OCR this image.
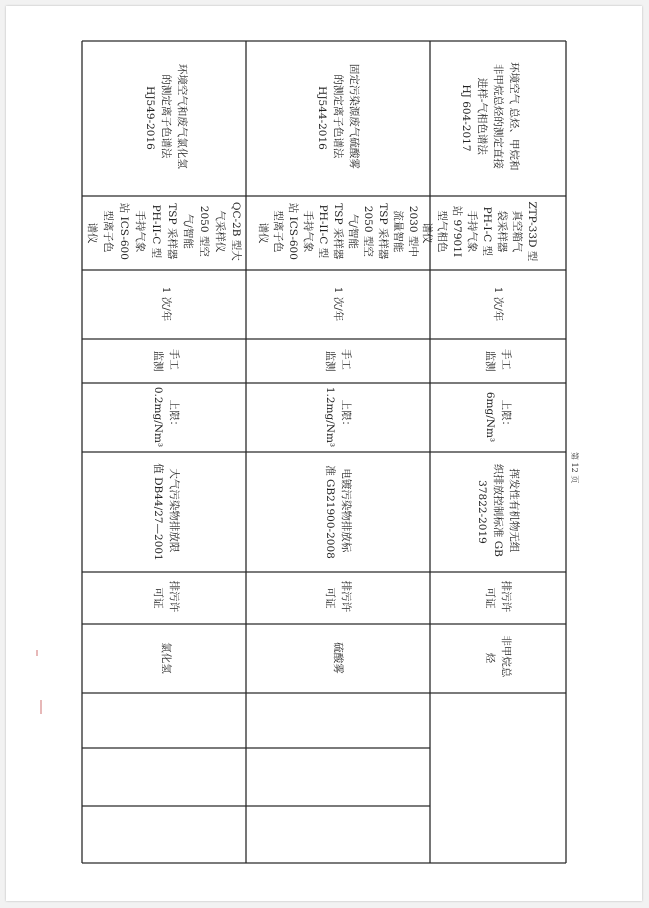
氯化氢
排污许 可证
大气污染物排放限 值 DB44/27—2001
上限： 0.2mg/Nm³
手工 监测
1 次/年
QC-2B 型大 气采样仪 2050 型空 气/智能 TSP 采样器 PH-II-C 型 手持气象 站 ICS-600 型离子色 谱仪
环境空气和废气氯化氢 的测定离子色谱法 HJ549-2016
硫酸雾
排污许 可证
电镀污染物排放标 准 GB21900-2008
上限： 1.2mg/Nm³
手工 监测
1 次/年
2030 型中 流量智能 TSP 采样器 2050 型空 气/智能 TSP 采样器 PH-II-C 型 手持气象 站 ICS-600 型离子色 谱仪
固定污染源废气硫酸雾 的测定离子色谱法 HJ544-2016
非甲烷总 烃
排污许 可证
挥发性有机物无组 织排放控制标准 GB 37822-2019
上限： 6mg/Nm³
手工 监测
1 次/年
ZTP-33D 型 真空箱气 袋采样器 PH-I-C 型 手持气象 站 97901I 型气相色 谱仪
环境空气 总烃、甲烷和 非甲烷总烃的测定直接 进样-气相色谱法 HJ 604-2017
第 12 页
